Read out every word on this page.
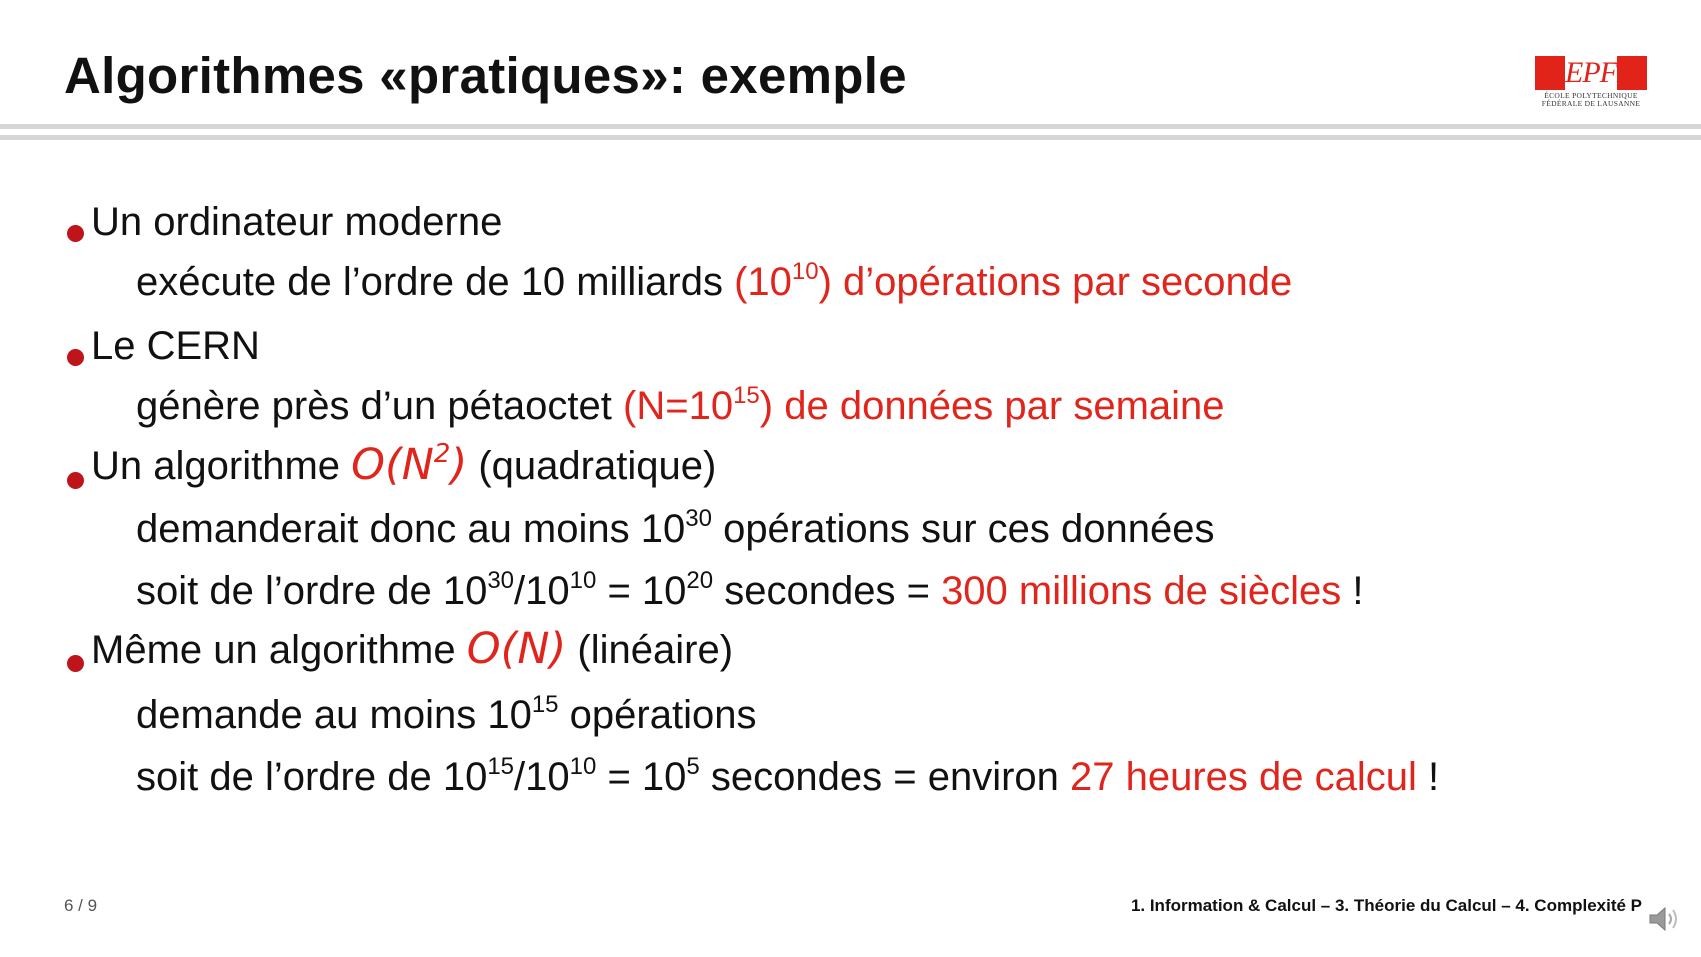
Algorithmes «pratiques»: exemple	EPFL
ÉCOLE POLYTECHNIQUE
FÉDÉRALE DE LAUSANNE
Un ordinateur moderne
exécute de l’ordre de 10 milliards $(10^{10})$ d’opérations par seconde
Le CERN
génère près d’un pétaoctet $(N=10^{15})$ de données par semaine
Un algorithme $O(N^2)$ (quadratique)
demanderait donc au moins $10^{30}$ opérations sur ces données
soit de l’ordre de $10^{30}/10^{10} = 10^{20}$ secondes = 300 millions de siècles !
Même un algorithme O(N) (linéaire)
demande au moins $10^{15}$ opérations
soit de l’ordre de $10^{15}/10^{10} = 10^5$ secondes = environ 27 heures de calcul !
6 / 9	1. Information & Calcul – 3. Théorie du Calcul – 4. Complexité P
